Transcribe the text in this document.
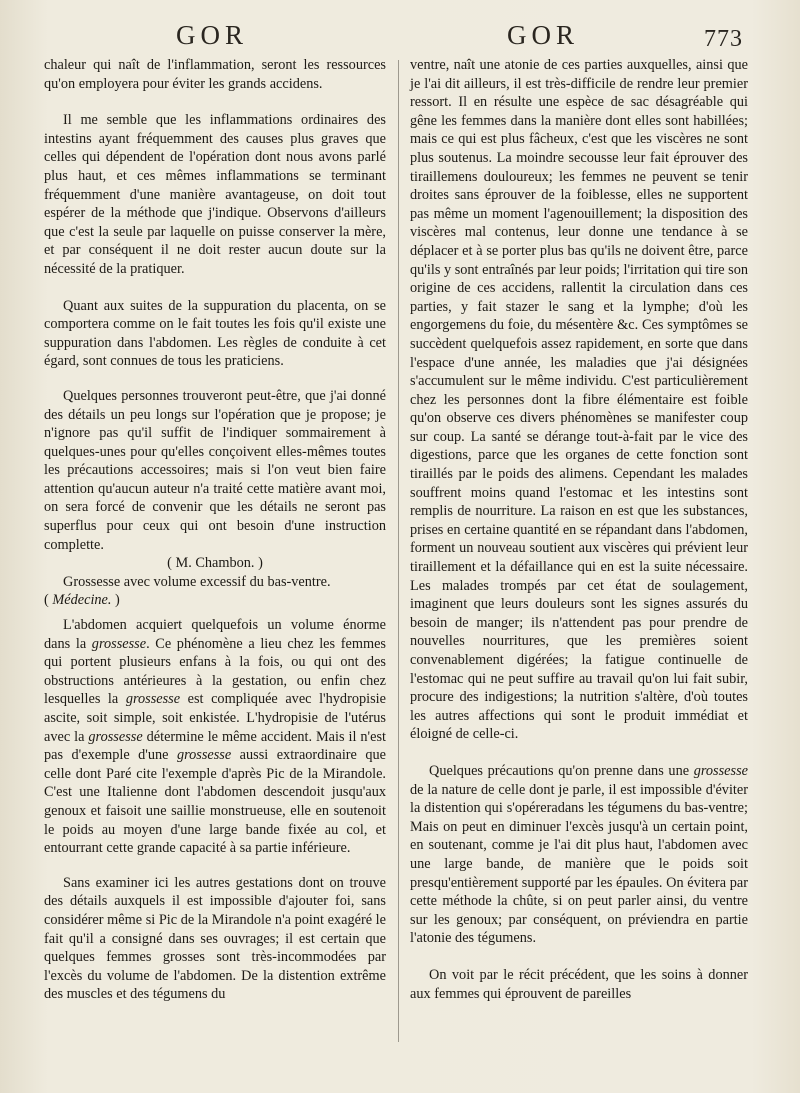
GOR	GOR	773

chaleur qui naît de l'inflammation, seront les ressources qu'on employera pour éviter les grands accidens.

Il me semble que les inflammations ordinaires des intestins ayant fréquemment des causes plus graves que celles qui dépendent de l'opération dont nous avons parlé plus haut, et ces mêmes inflammations se terminant fréquemment d'une manière avantageuse, on doit tout espérer de la méthode que j'indique. Observons d'ailleurs que c'est la seule par laquelle on puisse conserver la mère, et par conséquent il ne doit rester aucun doute sur la nécessité de la pratiquer.

Quant aux suites de la suppuration du placenta, on se comportera comme on le fait toutes les fois qu'il existe une suppuration dans l'abdomen. Les règles de conduite à cet égard, sont connues de tous les praticiens.

Quelques personnes trouveront peut-être, que j'ai donné des détails un peu longs sur l'opération que je propose; je n'ignore pas qu'il suffit de l'indiquer sommairement à quelques-unes pour qu'elles conçoivent elles-mêmes toutes les précautions accessoires; mais si l'on veut bien faire attention qu'aucun auteur n'a traité cette matière avant moi, on sera forcé de convenir que les détails ne seront pas superflus pour ceux qui ont besoin d'une instruction complette.

( M. Chambon. )

Grossesse avec volume excessif du bas-ventre.
( Médecine. )

L'abdomen acquiert quelquefois un volume énorme dans la grossesse. Ce phénomène a lieu chez les femmes qui portent plusieurs enfans à la fois, ou qui ont des obstructions antérieures à la gestation, ou enfin chez lesquelles la grossesse est compliquée avec l'hydropisie ascite, soit simple, soit enkistée. L'hydropisie de l'utérus avec la grossesse détermine le même accident. Mais il n'est pas d'exemple d'une grossesse aussi extraordinaire que celle dont Paré cite l'exemple d'après Pic de la Mirandole. C'est une Italienne dont l'abdomen descendoit jusqu'aux genoux et faisoit une saillie monstrueuse, elle en soutenoit le poids au moyen d'une large bande fixée au col, et entourrant cette grande capacité à sa partie inférieure.

Sans examiner ici les autres gestations dont on trouve des détails auxquels il est impossible d'ajouter foi, sans considérer même si Pic de la Mirandole n'a point exagéré le fait qu'il a consigné dans ses ouvrages; il est certain que quelques femmes grosses sont très-incommodées par l'excès du volume de l'abdomen. De la distention extrême des muscles et des tégumens du

ventre, naît une atonie de ces parties auxquelles, ainsi que je l'ai dit ailleurs, il est très-difficile de rendre leur premier ressort. Il en résulte une espèce de sac désagréable qui gêne les femmes dans la manière dont elles sont habillées; mais ce qui est plus fâcheux, c'est que les viscères ne sont plus soutenus. La moindre secousse leur fait éprouver des tiraillemens douloureux; les femmes ne peuvent se tenir droites sans éprouver de la foiblesse, elles ne supportent pas même un moment l'agenouillement; la disposition des viscères mal contenus, leur donne une tendance à se déplacer et à se porter plus bas qu'ils ne doivent être, parce qu'ils y sont entraînés par leur poids; l'irritation qui tire son origine de ces accidens, rallentit la circulation dans ces parties, y fait stazer le sang et la lymphe; d'où les engorgemens du foie, du mésentère &c. Ces symptômes se succèdent quelquefois assez rapidement, en sorte que dans l'espace d'une année, les maladies que j'ai désignées s'accumulent sur le même individu. C'est particulièrement chez les personnes dont la fibre élémentaire est foible qu'on observe ces divers phénomènes se manifester coup sur coup. La santé se dérange tout-à-fait par le vice des digestions, parce que les organes de cette fonction sont tiraillés par le poids des alimens. Cependant les malades souffrent moins quand l'estomac et les intestins sont remplis de nourriture. La raison en est que les substances, prises en certaine quantité en se répandant dans l'abdomen, forment un nouveau soutient aux viscères qui prévient leur tiraillement et la défaillance qui en est la suite nécessaire. Les malades trompés par cet état de soulagement, imaginent que leurs douleurs sont les signes assurés du besoin de manger; ils n'attendent pas pour prendre de nouvelles nourritures, que les premières soient convenablement digérées; la fatigue continuelle de l'estomac qui ne peut suffire au travail qu'on lui fait subir, procure des indigestions; la nutrition s'altère, d'où toutes les autres affections qui sont le produit immédiat et éloigné de celle-ci.

Quelques précautions qu'on prenne dans une grossesse de la nature de celle dont je parle, il est impossible d'éviter la distention qui s'opéreradans les tégumens du bas-ventre; Mais on peut en diminuer l'excès jusqu'à un certain point, en soutenant, comme je l'ai dit plus haut, l'abdomen avec une large bande, de manière que le poids soit presqu'entièrement supporté par les épaules. On évitera par cette méthode la chûte, si on peut parler ainsi, du ventre sur les genoux; par conséquent, on préviendra en partie l'atonie des tégumens.

On voit par le récit précédent, que les soins à donner aux femmes qui éprouvent de pareilles
